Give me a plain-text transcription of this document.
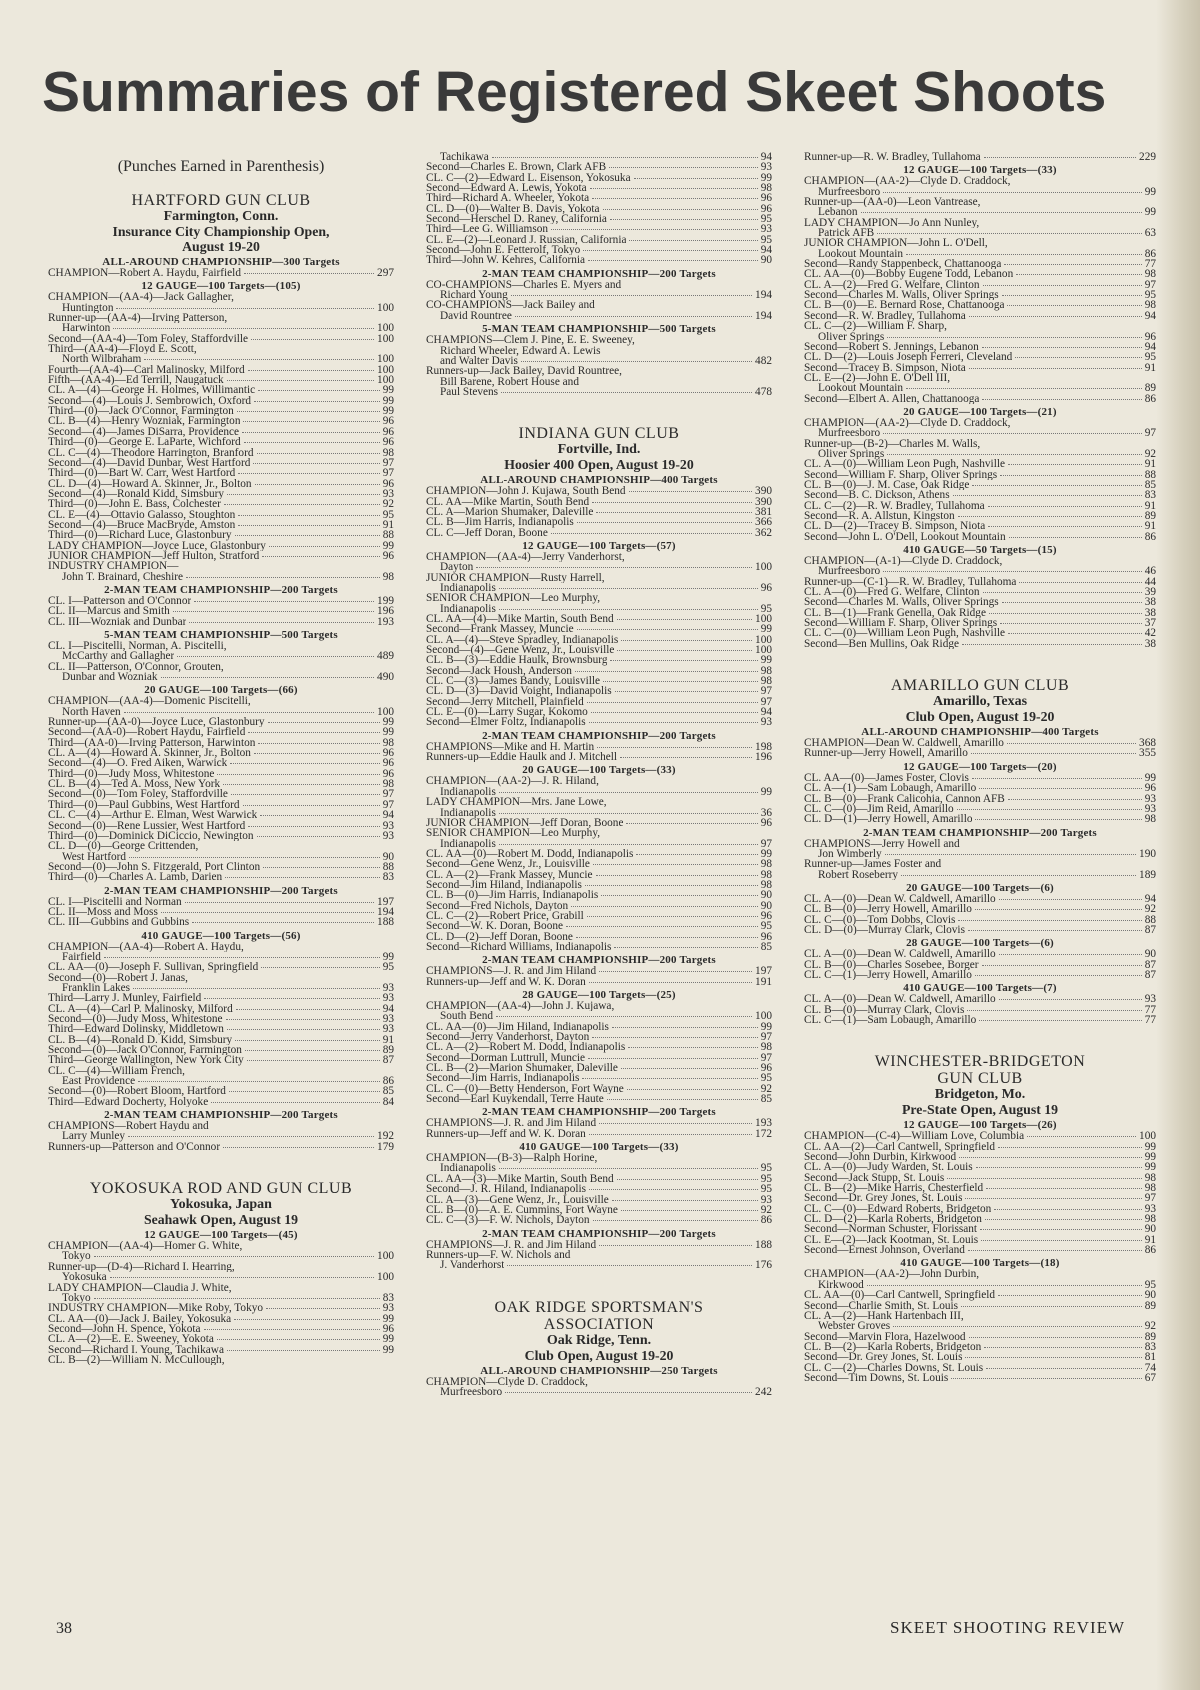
Summaries of Registered Skeet Shoots
(Punches Earned in Parenthesis)
HARTFORD GUN CLUB
Farmington, Conn.
Insurance City Championship Open,
August 19-20
ALL-AROUND CHAMPIONSHIP—300 Targets
CHAMPION—Robert A. Haydu, Fairfield	297
12 GAUGE—100 Targets—(105)
CHAMPION—(AA-4)—Jack Gallagher,
Huntington	100
Runner-up—(AA-4)—Irving Patterson,
Harwinton	100
Second—(AA-4)—Tom Foley, Staffordville	100
Third—(AA-4)—Floyd E. Scott,
North Wilbraham	100
Fourth—(AA-4)—Carl Malinosky, Milford	100
Fifth—(AA-4)—Ed Terrill, Naugatuck	100
CL. A—(4)—George H. Holmes, Willimantic	99
Second—(4)—Louis J. Sembrowich, Oxford	99
Third—(0)—Jack O'Connor, Farmington	99
CL. B—(4)—Henry Wozniak, Farmington	96
Second—(4)—James DiSarra, Providence	96
Third—(0)—George E. LaParte, Wichford	96
CL. C—(4)—Theodore Harrington, Branford	98
Second—(4)—David Dunbar, West Hartford	97
Third—(0)—Bart W. Carr, West Hartford	97
CL. D—(4)—Howard A. Skinner, Jr., Bolton	96
Second—(4)—Ronald Kidd, Simsbury	93
Third—(0)—John E. Bass, Colchester	92
CL. E—(4)—Ottavio Galasso, Stoughton	95
Second—(4)—Bruce MacBryde, Amston	91
Third—(0)—Richard Luce, Glastonbury	88
LADY CHAMPION—Joyce Luce, Glastonbury	99
JUNIOR CHAMPION—Jeff Hulton, Stratford	96
INDUSTRY CHAMPION—
John T. Brainard, Cheshire	98
2-MAN TEAM CHAMPIONSHIP—200 Targets
CL. I—Patterson and O'Connor	199
CL. II—Marcus and Smith	196
CL. III—Wozniak and Dunbar	193
5-MAN TEAM CHAMPIONSHIP—500 Targets
CL. I—Piscitelli, Norman, A. Piscitelli,
McCarthy and Gallagher	489
CL. II—Patterson, O'Connor, Grouten,
Dunbar and Wozniak	490
20 GAUGE—100 Targets—(66)
CHAMPION—(AA-4)—Domenic Piscitelli,
North Haven	100
Runner-up—(AA-0)—Joyce Luce, Glastonbury	99
Second—(AA-0)—Robert Haydu, Fairfield	99
Third—(AA-0)—Irving Patterson, Harwinton	98
CL. A—(4)—Howard A. Skinner, Jr., Bolton	96
Second—(4)—O. Fred Aiken, Warwick	96
Third—(0)—Judy Moss, Whitestone	96
CL. B—(4)—Ted A. Moss, New York	98
Second—(0)—Tom Foley, Staffordville	97
Third—(0)—Paul Gubbins, West Hartford	97
CL. C—(4)—Arthur E. Elman, West Warwick	94
Second—(0)—Rene Lussier, West Hartford	93
Third—(0)—Dominick DiCiccio, Newington	93
CL. D—(0)—George Crittenden,
West Hartford	90
Second—(0)—John S. Fitzgerald, Port Clinton	88
Third—(0)—Charles A. Lamb, Darien	83
2-MAN TEAM CHAMPIONSHIP—200 Targets
CL. I—Piscitelli and Norman	197
CL. II—Moss and Moss	194
CL. III—Gubbins and Gubbins	188
410 GAUGE—100 Targets—(56)
CHAMPION—(AA-4)—Robert A. Haydu,
Fairfield	99
CL. AA—(0)—Joseph F. Sullivan, Springfield	95
Second—(0)—Robert J. Janas,
Franklin Lakes	93
Third—Larry J. Munley, Fairfield	93
CL. A—(4)—Carl P. Malinosky, Milford	94
Second—(0)—Judy Moss, Whitestone	93
Third—Edward Dolinsky, Middletown	93
CL. B—(4)—Ronald D. Kidd, Simsbury	91
Second—(0)—Jack O'Connor, Farmington	89
Third—George Wallington, New York City	87
CL. C—(4)—William French,
East Providence	86
Second—(0)—Robert Bloom, Hartford	85
Third—Edward Docherty, Holyoke	84
2-MAN TEAM CHAMPIONSHIP—200 Targets
CHAMPIONS—Robert Haydu and
Larry Munley	192
Runners-up—Patterson and O'Connor	179
YOKOSUKA ROD AND GUN CLUB
Yokosuka, Japan
Seahawk Open, August 19
12 GAUGE—100 Targets—(45)
CHAMPION—(AA-4)—Homer G. White,
Tokyo	100
Runner-up—(D-4)—Richard I. Hearring,
Yokosuka	100
LADY CHAMPION—Claudia J. White,
Tokyo	83
INDUSTRY CHAMPION—Mike Roby, Tokyo	93
CL. AA—(0)—Jack J. Bailey, Yokosuka	99
Second—John H. Spence, Yokota	96
CL. A—(2)—E. E. Sweeney, Yokota	99
Second—Richard I. Young, Tachikawa	99
CL. B—(2)—William N. McCullough,
Tachikawa	94
Second—Charles E. Brown, Clark AFB	93
CL. C—(2)—Edward L. Eisenson, Yokosuka	99
Second—Edward A. Lewis, Yokota	98
Third—Richard A. Wheeler, Yokota	96
CL. D—(0)—Walter B. Davis, Yokota	96
Second—Herschel D. Raney, California	95
Third—Lee G. Williamson	93
CL. E—(2)—Leonard J. Russian, California	95
Second—John E. Fetterolf, Tokyo	94
Third—John W. Kehres, California	90
2-MAN TEAM CHAMPIONSHIP—200 Targets
CO-CHAMPIONS—Charles E. Myers and
Richard Young	194
CO-CHAMPIONS—Jack Bailey and
David Rountree	194
5-MAN TEAM CHAMPIONSHIP—500 Targets
CHAMPIONS—Clem J. Pine, E. E. Sweeney,
Richard Wheeler, Edward A. Lewis
and Walter Davis	482
Runners-up—Jack Bailey, David Rountree,
Bill Barene, Robert House and
Paul Stevens	478
INDIANA GUN CLUB
Fortville, Ind.
Hoosier 400 Open, August 19-20
ALL-AROUND CHAMPIONSHIP—400 Targets
CHAMPION—John J. Kujawa, South Bend	390
CL. AA—Mike Martin, South Bend	390
CL. A—Marion Shumaker, Daleville	381
CL. B—Jim Harris, Indianapolis	366
CL. C—Jeff Doran, Boone	362
12 GAUGE—100 Targets—(57)
CHAMPION—(AA-4)—Jerry Vanderhorst,
Dayton	100
JUNIOR CHAMPION—Rusty Harrell,
Indianapolis	96
SENIOR CHAMPION—Leo Murphy,
Indianapolis	95
CL. AA—(4)—Mike Martin, South Bend	100
Second—Frank Massey, Muncie	99
CL. A—(4)—Steve Spradley, Indianapolis	100
Second—(4)—Gene Wenz, Jr., Louisville	100
CL. B—(3)—Eddie Haulk, Brownsburg	99
Second—Jack Housh, Anderson	98
CL. C—(3)—James Bandy, Louisville	98
CL. D—(3)—David Voight, Indianapolis	97
Second—Jerry Mitchell, Plainfield	97
CL. E—(0)—Larry Sugar, Kokomo	94
Second—Elmer Foltz, Indianapolis	93
2-MAN TEAM CHAMPIONSHIP—200 Targets
CHAMPIONS—Mike and H. Martin	198
Runners-up—Eddie Haulk and J. Mitchell	196
20 GAUGE—100 Targets—(33)
CHAMPION—(AA-2)—J. R. Hiland,
Indianapolis	99
LADY CHAMPION—Mrs. Jane Lowe,
Indianapolis	36
JUNIOR CHAMPION—Jeff Doran, Boone	96
SENIOR CHAMPION—Leo Murphy,
Indianapolis	97
CL. AA—(0)—Robert M. Dodd, Indianapolis	99
Second—Gene Wenz, Jr., Louisville	98
CL. A—(2)—Frank Massey, Muncie	98
Second—Jim Hiland, Indianapolis	98
CL. B—(0)—Jim Harris, Indianapolis	90
Second—Fred Nichols, Dayton	90
CL. C—(2)—Robert Price, Grabill	96
Second—W. K. Doran, Boone	95
CL. D—(2)—Jeff Doran, Boone	96
Second—Richard Williams, Indianapolis	85
2-MAN TEAM CHAMPIONSHIP—200 Targets
CHAMPIONS—J. R. and Jim Hiland	197
Runners-up—Jeff and W. K. Doran	191
28 GAUGE—100 Targets—(25)
CHAMPION—(AA-4)—John J. Kujawa,
South Bend	100
CL. AA—(0)—Jim Hiland, Indianapolis	99
Second—Jerry Vanderhorst, Dayton	97
CL. A—(2)—Robert M. Dodd, Indianapolis	98
Second—Dorman Luttrull, Muncie	97
CL. B—(2)—Marion Shumaker, Daleville	96
Second—Jim Harris, Indianapolis	95
CL. C—(0)—Betty Henderson, Fort Wayne	92
Second—Earl Kuykendall, Terre Haute	85
2-MAN TEAM CHAMPIONSHIP—200 Targets
CHAMPIONS—J. R. and Jim Hiland	193
Runners-up—Jeff and W. K. Doran	172
410 GAUGE—100 Targets—(33)
CHAMPION—(B-3)—Ralph Horine,
Indianapolis	95
CL. AA—(3)—Mike Martin, South Bend	95
Second—J. R. Hiland, Indianapolis	95
CL. A—(3)—Gene Wenz, Jr., Louisville	93
CL. B—(0)—A. E. Cummins, Fort Wayne	92
CL. C—(3)—F. W. Nichols, Dayton	86
2-MAN TEAM CHAMPIONSHIP—200 Targets
CHAMPIONS—J. R. and Jim Hiland	188
Runners-up—F. W. Nichols and
J. Vanderhorst	176
OAK RIDGE SPORTSMAN'S
ASSOCIATION
Oak Ridge, Tenn.
Club Open, August 19-20
ALL-AROUND CHAMPIONSHIP—250 Targets
CHAMPION—Clyde D. Craddock,
Murfreesboro	242
Runner-up—R. W. Bradley, Tullahoma	229
12 GAUGE—100 Targets—(33)
CHAMPION—(AA-2)—Clyde D. Craddock,
Murfreesboro	99
Runner-up—(AA-0)—Leon Vantrease,
Lebanon	99
LADY CHAMPION—Jo Ann Nunley,
Patrick AFB	63
JUNIOR CHAMPION—John L. O'Dell,
Lookout Mountain	86
Second—Randy Stappenbeck, Chattanooga	77
CL. AA—(0)—Bobby Eugene Todd, Lebanon	98
CL. A—(2)—Fred G. Welfare, Clinton	97
Second—Charles M. Walls, Oliver Springs	95
CL. B—(0)—E. Bernard Rose, Chattanooga	98
Second—R. W. Bradley, Tullahoma	94
CL. C—(2)—William F. Sharp,
Oliver Springs	96
Second—Robert S. Jennings, Lebanon	94
CL. D—(2)—Louis Joseph Ferreri, Cleveland	95
Second—Tracey B. Simpson, Niota	91
CL. E—(2)—John E. O'Dell III,
Lookout Mountain	89
Second—Elbert A. Allen, Chattanooga	86
20 GAUGE—100 Targets—(21)
CHAMPION—(AA-2)—Clyde D. Craddock,
Murfreesboro	97
Runner-up—(B-2)—Charles M. Walls,
Oliver Springs	92
CL. A—(0)—William Leon Pugh, Nashville	91
Second—William F. Sharp, Oliver Springs	88
CL. B—(0)—J. M. Case, Oak Ridge	85
Second—B. C. Dickson, Athens	83
CL. C—(2)—R. W. Bradley, Tullahoma	91
Second—R. A. Allstun, Kingston	89
CL. D—(2)—Tracey B. Simpson, Niota	91
Second—John L. O'Dell, Lookout Mountain	86
410 GAUGE—50 Targets—(15)
CHAMPION—(A-1)—Clyde D. Craddock,
Murfreesboro	46
Runner-up—(C-1)—R. W. Bradley, Tullahoma	44
CL. A—(0)—Fred G. Welfare, Clinton	39
Second—Charles M. Walls, Oliver Springs	38
CL. B—(1)—Frank Genella, Oak Ridge	38
Second—William F. Sharp, Oliver Springs	37
CL. C—(0)—William Leon Pugh, Nashville	42
Second—Ben Mullins, Oak Ridge	38
AMARILLO GUN CLUB
Amarillo, Texas
Club Open, August 19-20
ALL-AROUND CHAMPIONSHIP—400 Targets
CHAMPION—Dean W. Caldwell, Amarillo	368
Runner-up—Jerry Howell, Amarillo	355
12 GAUGE—100 Targets—(20)
CL. AA—(0)—James Foster, Clovis	99
CL. A—(1)—Sam Lobaugh, Amarillo	96
CL. B—(0)—Frank Calicohia, Cannon AFB	93
CL. C—(0)—Jim Reid, Amarillo	93
CL. D—(1)—Jerry Howell, Amarillo	98
2-MAN TEAM CHAMPIONSHIP—200 Targets
CHAMPIONS—Jerry Howell and
Jon Wimberly	190
Runner-up—James Foster and
Robert Roseberry	189
20 GAUGE—100 Targets—(6)
CL. A—(0)—Dean W. Caldwell, Amarillo	94
CL. B—(0)—Jerry Howell, Amarillo	92
CL. C—(0)—Tom Dobbs, Clovis	88
CL. D—(0)—Murray Clark, Clovis	87
28 GAUGE—100 Targets—(6)
CL. A—(0)—Dean W. Caldwell, Amarillo	90
CL. B—(0)—Charles Sosebee, Borger	87
CL. C—(1)—Jerry Howell, Amarillo	87
410 GAUGE—100 Targets—(7)
CL. A—(0)—Dean W. Caldwell, Amarillo	93
CL. B—(0)—Murray Clark, Clovis	77
CL. C—(1)—Sam Lobaugh, Amarillo	77
WINCHESTER-BRIDGETON
GUN CLUB
Bridgeton, Mo.
Pre-State Open, August 19
12 GAUGE—100 Targets—(26)
CHAMPION—(C-4)—William Love, Columbia	100
CL. AA—(2)—Carl Cantwell, Springfield	99
Second—John Durbin, Kirkwood	99
CL. A—(0)—Judy Warden, St. Louis	99
Second—Jack Stupp, St. Louis	98
CL. B—(2)—Mike Harris, Chesterfield	98
Second—Dr. Grey Jones, St. Louis	97
CL. C—(0)—Edward Roberts, Bridgeton	93
CL. D—(2)—Karla Roberts, Bridgeton	98
Second—Norman Schuster, Florissant	90
CL. E—(2)—Jack Kootman, St. Louis	91
Second—Ernest Johnson, Overland	86
410 GAUGE—100 Targets—(18)
CHAMPION—(AA-2)—John Durbin,
Kirkwood	95
CL. AA—(0)—Carl Cantwell, Springfield	90
Second—Charlie Smith, St. Louis	89
CL. A—(2)—Hank Hartenbach III,
Webster Groves	92
Second—Marvin Flora, Hazelwood	89
CL. B—(2)—Karla Roberts, Bridgeton	83
Second—Dr. Grey Jones, St. Louis	81
CL. C—(2)—Charles Downs, St. Louis	74
Second—Tim Downs, St. Louis	67
38	SKEET SHOOTING REVIEW
